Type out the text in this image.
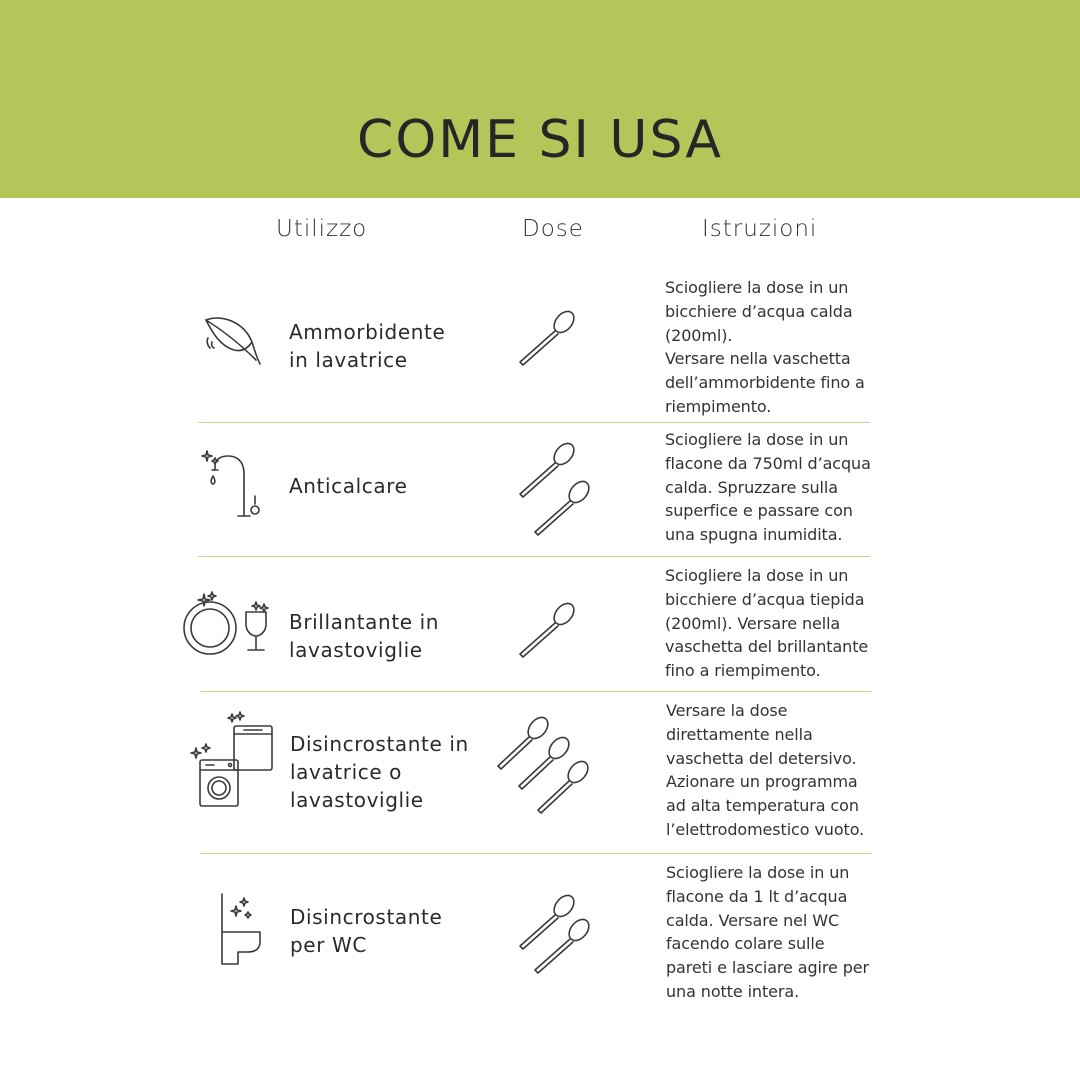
COME SI USA
Utilizzo	Dose	Istruzioni
Ammorbidente
in lavatrice
Sciogliere la dose in un
bicchiere d’acqua calda
(200ml).
Versare nella vaschetta
dell’ammorbidente fino a
riempimento.
Anticalcare
Sciogliere la dose in un
flacone da 750ml d’acqua
calda. Spruzzare sulla
superfice e passare con
una spugna inumidita.
Brillantante in
lavastoviglie
Sciogliere la dose in un
bicchiere d’acqua tiepida
(200ml). Versare nella
vaschetta del brillantante
fino a riempimento.
Disincrostante in
lavatrice o
lavastoviglie
Versare la dose
direttamente nella
vaschetta del detersivo.
Azionare un programma
ad alta temperatura con
l’elettrodomestico vuoto.
Disincrostante
per WC
Sciogliere la dose in un
flacone da 1 lt d’acqua
calda. Versare nel WC
facendo colare sulle
pareti e lasciare agire per
una notte intera.
